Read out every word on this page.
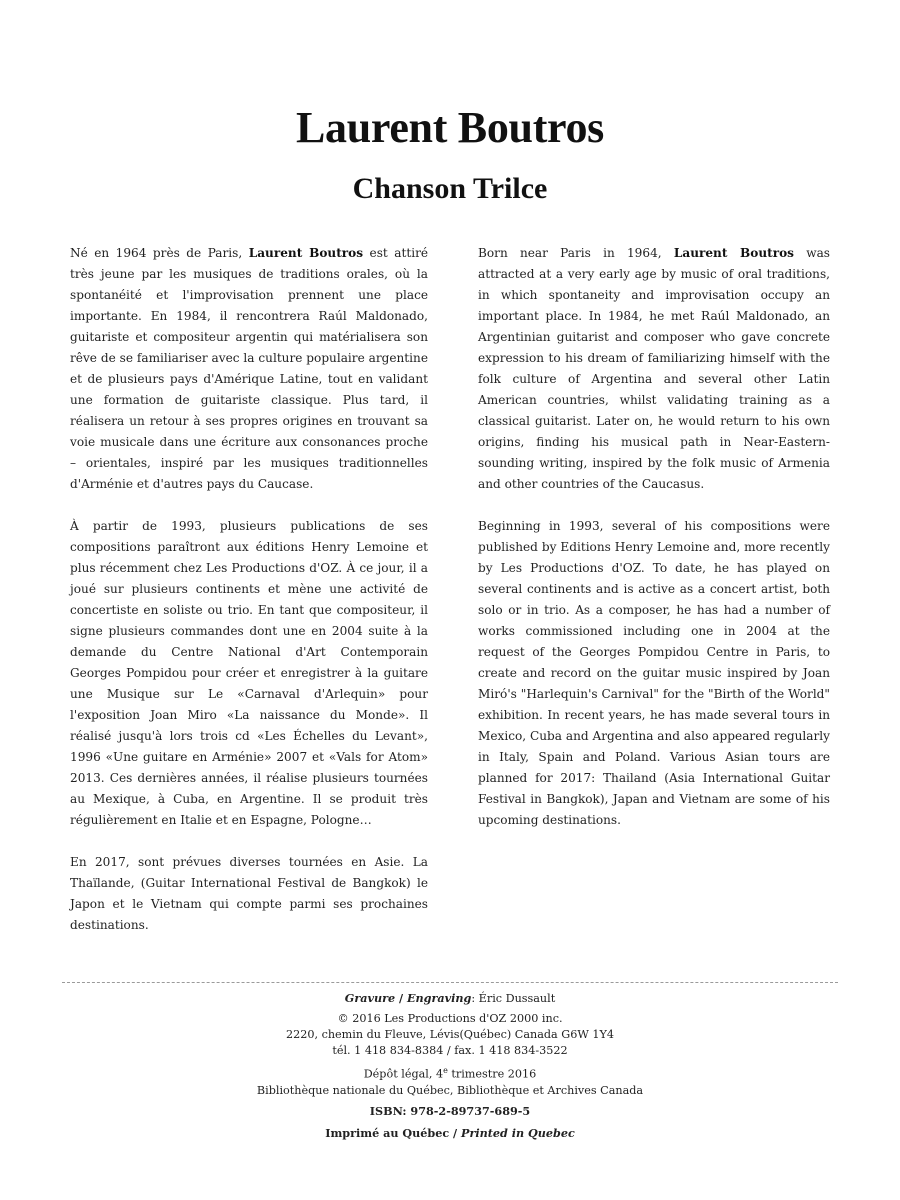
Laurent Boutros
Chanson Trilce

Né en 1964 près de Paris, Laurent Boutros est attiré très jeune par les musiques de traditions orales, où la spontanéité et l'improvisation prennent une place importante. En 1984, il rencontrera Raúl Maldonado, guitariste et compositeur argentin qui matérialisera son rêve de se familiariser avec la culture populaire argentine et de plusieurs pays d'Amérique Latine, tout en validant une formation de guitariste classique. Plus tard, il réalisera un retour à ses propres origines en trouvant sa voie musicale dans une écriture aux consonances proche – orientales, inspiré par les musiques traditionnelles d'Arménie et d'autres pays du Caucase.

À partir de 1993, plusieurs publications de ses compositions paraîtront aux éditions Henry Lemoine et plus récemment chez Les Productions d'OZ. À ce jour, il a joué sur plusieurs continents et mène une activité de concertiste en soliste ou trio. En tant que compositeur, il signe plusieurs commandes dont une en 2004 suite à la demande du Centre National d'Art Contemporain Georges Pompidou pour créer et enregistrer à la guitare une Musique sur Le «Carnaval d'Arlequin» pour l'exposition Joan Miro «La naissance du Monde». Il réalisé jusqu'à lors trois cd «Les Échelles du Levant», 1996 «Une guitare en Arménie» 2007 et «Vals for Atom» 2013. Ces dernières années, il réalise plusieurs tournées au Mexique, à Cuba, en Argentine. Il se produit très régulièrement en Italie et en Espagne, Pologne…

En 2017, sont prévues diverses tournées en Asie. La Thaïlande, (Guitar International Festival de Bangkok) le Japon et le Vietnam qui compte parmi ses prochaines destinations.

Born near Paris in 1964, Laurent Boutros was attracted at a very early age by music of oral traditions, in which spontaneity and improvisation occupy an important place. In 1984, he met Raúl Maldonado, an Argentinian guitarist and composer who gave concrete expression to his dream of familiarizing himself with the folk culture of Argentina and several other Latin American countries, whilst validating training as a classical guitarist. Later on, he would return to his own origins, finding his musical path in Near-Eastern-sounding writing, inspired by the folk music of Armenia and other countries of the Caucasus.

Beginning in 1993, several of his compositions were published by Editions Henry Lemoine and, more recently by Les Productions d'OZ. To date, he has played on several continents and is active as a concert artist, both solo or in trio. As a composer, he has had a number of works commissioned including one in 2004 at the request of the Georges Pompidou Centre in Paris, to create and record on the guitar music inspired by Joan Miró's "Harlequin's Carnival" for the "Birth of the World" exhibition. In recent years, he has made several tours in Mexico, Cuba and Argentina and also appeared regularly in Italy, Spain and Poland. Various Asian tours are planned for 2017: Thailand (Asia International Guitar Festival in Bangkok), Japan and Vietnam are some of his upcoming destinations.

Gravure / Engraving: Éric Dussault
© 2016 Les Productions d'OZ 2000 inc.
2220, chemin du Fleuve, Lévis(Québec) Canada G6W 1Y4
tél. 1 418 834-8384 / fax. 1 418 834-3522
Dépôt légal, 4e trimestre 2016
Bibliothèque nationale du Québec, Bibliothèque et Archives Canada
ISBN: 978-2-89737-689-5
Imprimé au Québec / Printed in Quebec
